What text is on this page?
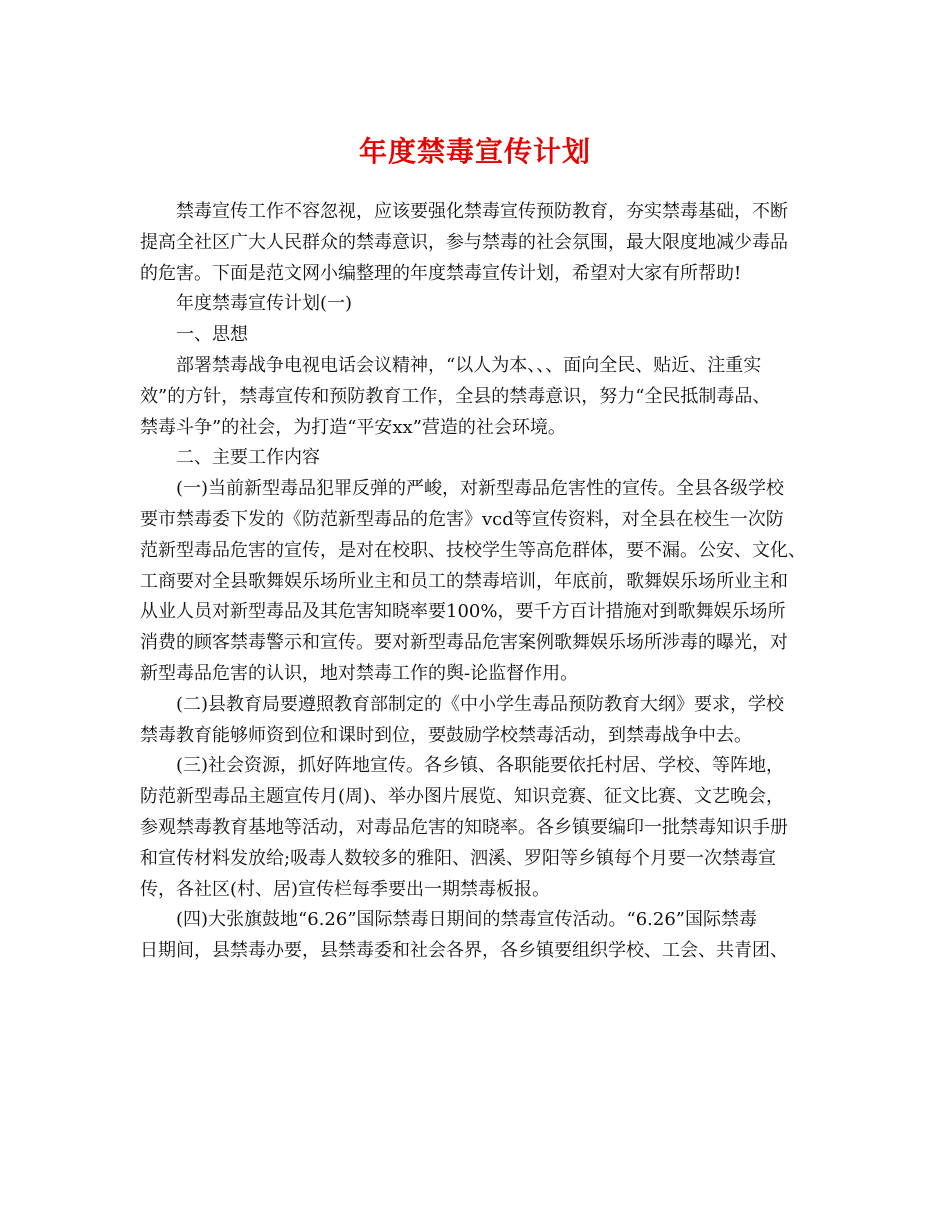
年度禁毒宣传计划
禁毒宣传工作不容忽视，应该要强化禁毒宣传预防教育，夯实禁毒基础，不断
提高全社区广大人民群众的禁毒意识，参与禁毒的社会氛围，最大限度地减少毒品
的危害。下面是范文网小编整理的年度禁毒宣传计划，希望对大家有所帮助!
年度禁毒宣传计划(一)
一、思想
部署禁毒战争电视电话会议精神，“以人为本、、、面向全民、贴近、注重实
效”的方针，禁毒宣传和预防教育工作，全县的禁毒意识，努力“全民抵制毒品、
禁毒斗争”的社会，为打造“平安xx”营造的社会环境。
二、主要工作内容
(一)当前新型毒品犯罪反弹的严峻，对新型毒品危害性的宣传。全县各级学校
要市禁毒委下发的《防范新型毒品的危害》vcd等宣传资料，对全县在校生一次防
范新型毒品危害的宣传，是对在校职、技校学生等高危群体，要不漏。公安、文化、
工商要对全县歌舞娱乐场所业主和员工的禁毒培训，年底前，歌舞娱乐场所业主和
从业人员对新型毒品及其危害知晓率要100%，要千方百计措施对到歌舞娱乐场所
消费的顾客禁毒警示和宣传。要对新型毒品危害案例歌舞娱乐场所涉毒的曝光，对
新型毒品危害的认识，地对禁毒工作的舆-论监督作用。
(二)县教育局要遵照教育部制定的《中小学生毒品预防教育大纲》要求，学校
禁毒教育能够师资到位和课时到位，要鼓励学校禁毒活动，到禁毒战争中去。
(三)社会资源，抓好阵地宣传。各乡镇、各职能要依托村居、学校、等阵地，
防范新型毒品主题宣传月(周)、举办图片展览、知识竞赛、征文比赛、文艺晚会，
参观禁毒教育基地等活动，对毒品危害的知晓率。各乡镇要编印一批禁毒知识手册
和宣传材料发放给;吸毒人数较多的雅阳、泗溪、罗阳等乡镇每个月要一次禁毒宣
传，各社区(村、居)宣传栏每季要出一期禁毒板报。
(四)大张旗鼓地“6.26”国际禁毒日期间的禁毒宣传活动。“6.26”国际禁毒
日期间，县禁毒办要，县禁毒委和社会各界，各乡镇要组织学校、工会、共青团、
